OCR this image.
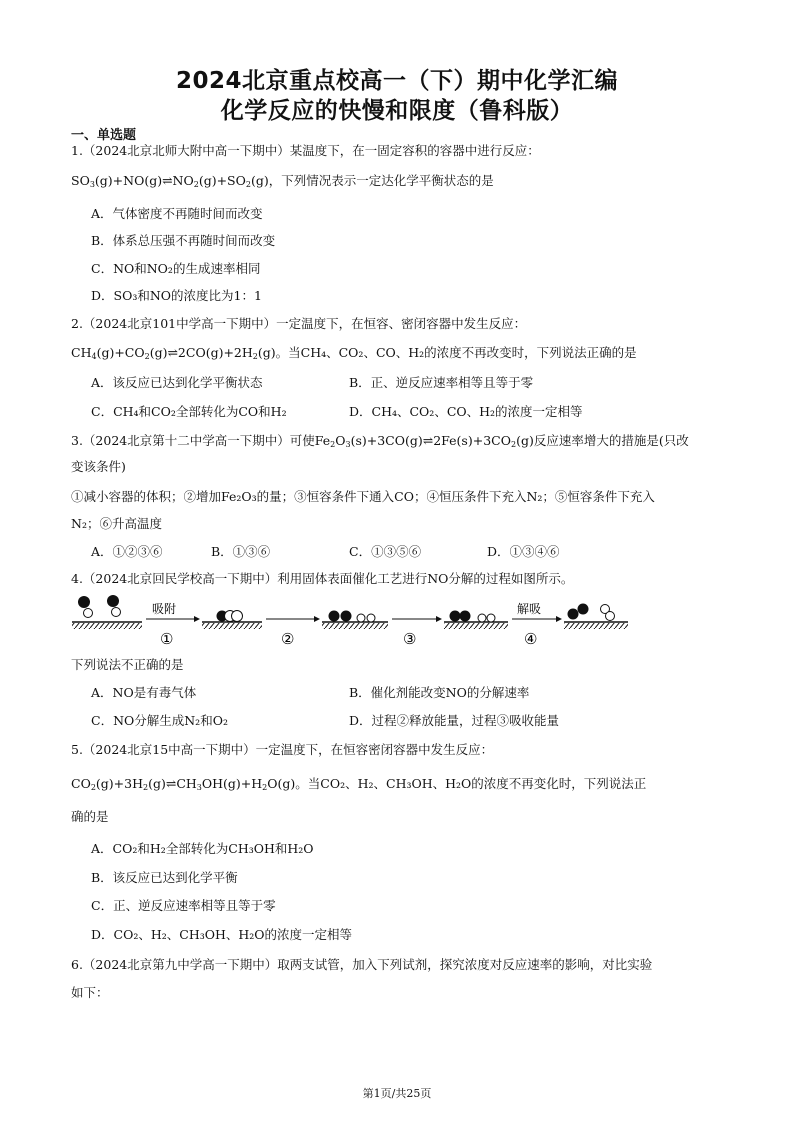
2024北京重点校高一（下）期中化学汇编
化学反应的快慢和限度（鲁科版）
一、单选题
1.（2024北京北师大附中高一下期中）某温度下，在一固定容积的容器中进行反应：
$SO_3(g)+NO(g)\rightleftharpoons NO_2(g)+SO_2(g)$，下列情况表示一定达化学平衡状态的是
A．气体密度不再随时间而改变
B．体系总压强不再随时间而改变
C．NO和NO₂的生成速率相同
D．SO₃和NO的浓度比为1：1
2.（2024北京101中学高一下期中）一定温度下，在恒容、密闭容器中发生反应：
$CH_4(g)+CO_2(g)\rightleftharpoons 2CO(g)+2H_2(g)$。当CH₄、CO₂、CO、H₂的浓度不再改变时，下列说法正确的是
A．该反应已达到化学平衡状态	B．正、逆反应速率相等且等于零
C．CH₄和CO₂全部转化为CO和H₂	D．CH₄、CO₂、CO、H₂的浓度一定相等
3.（2024北京第十二中学高一下期中）可使$Fe_2O_3(s)+3CO(g)\rightleftharpoons 2Fe(s)+3CO_2(g)$反应速率增大的措施是(只改
变该条件)
①减小容器的体积；②增加Fe₂O₃的量；③恒容条件下通入CO；④恒压条件下充入N₂；⑤恒容条件下充入
N₂；⑥升高温度
A．①②③⑥	B．①③⑥	C．①③⑤⑥	D．①③④⑥
4.（2024北京回民学校高一下期中）利用固体表面催化工艺进行NO分解的过程如图所示。
吸附
①	②	③
解吸
④
下列说法不正确的是
A．NO是有毒气体	B．催化剂能改变NO的分解速率
C．NO分解生成N₂和O₂	D．过程②释放能量，过程③吸收能量
5.（2024北京15中高一下期中）一定温度下，在恒容密闭容器中发生反应：
$CO_2(g)+3H_2(g)\rightleftharpoons CH_3OH(g)+H_2O(g)$。当CO₂、H₂、CH₃OH、H₂O的浓度不再变化时，下列说法正
确的是
A．CO₂和H₂全部转化为CH₃OH和H₂O
B．该反应已达到化学平衡
C．正、逆反应速率相等且等于零
D．CO₂、H₂、CH₃OH、H₂O的浓度一定相等
6.（2024北京第九中学高一下期中）取两支试管，加入下列试剂，探究浓度对反应速率的影响，对比实验
如下：
第1页/共25页
